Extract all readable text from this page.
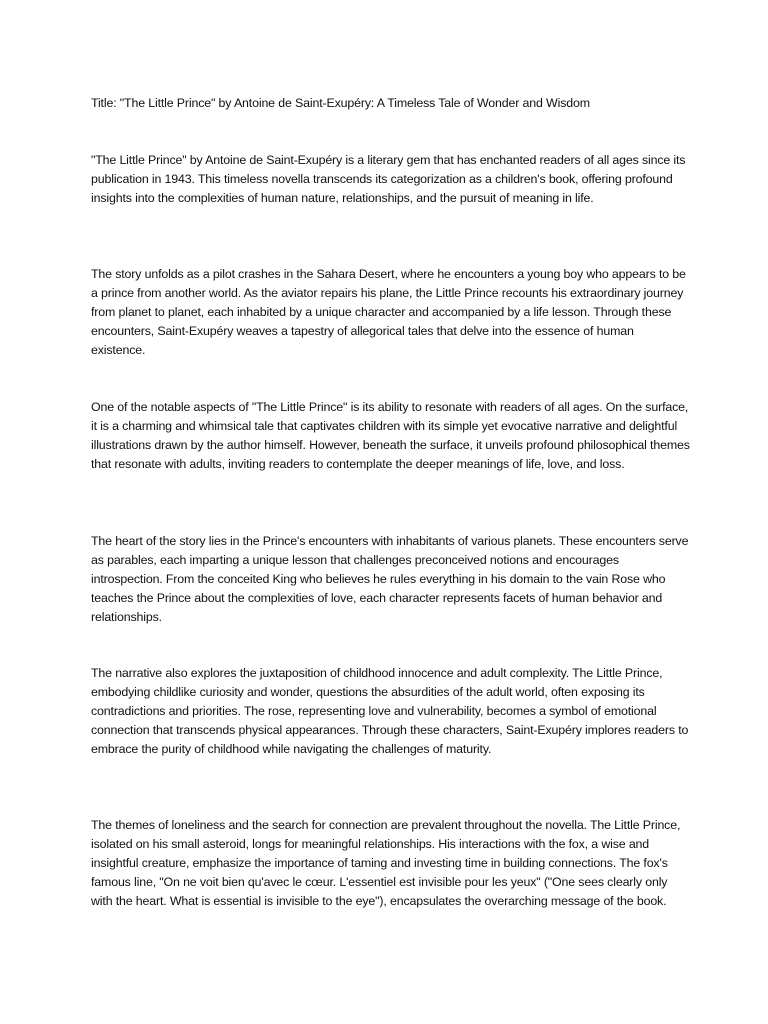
Title: "The Little Prince" by Antoine de Saint-Exupéry: A Timeless Tale of Wonder and Wisdom

"The Little Prince" by Antoine de Saint-Exupéry is a literary gem that has enchanted readers of all ages since its publication in 1943. This timeless novella transcends its categorization as a children's book, offering profound insights into the complexities of human nature, relationships, and the pursuit of meaning in life.

The story unfolds as a pilot crashes in the Sahara Desert, where he encounters a young boy who appears to be a prince from another world. As the aviator repairs his plane, the Little Prince recounts his extraordinary journey from planet to planet, each inhabited by a unique character and accompanied by a life lesson. Through these encounters, Saint-Exupéry weaves a tapestry of allegorical tales that delve into the essence of human existence.

One of the notable aspects of "The Little Prince" is its ability to resonate with readers of all ages. On the surface, it is a charming and whimsical tale that captivates children with its simple yet evocative narrative and delightful illustrations drawn by the author himself. However, beneath the surface, it unveils profound philosophical themes that resonate with adults, inviting readers to contemplate the deeper meanings of life, love, and loss.

The heart of the story lies in the Prince's encounters with inhabitants of various planets. These encounters serve as parables, each imparting a unique lesson that challenges preconceived notions and encourages introspection. From the conceited King who believes he rules everything in his domain to the vain Rose who teaches the Prince about the complexities of love, each character represents facets of human behavior and relationships.

The narrative also explores the juxtaposition of childhood innocence and adult complexity. The Little Prince, embodying childlike curiosity and wonder, questions the absurdities of the adult world, often exposing its contradictions and priorities. The rose, representing love and vulnerability, becomes a symbol of emotional connection that transcends physical appearances. Through these characters, Saint-Exupéry implores readers to embrace the purity of childhood while navigating the challenges of maturity.

The themes of loneliness and the search for connection are prevalent throughout the novella. The Little Prince, isolated on his small asteroid, longs for meaningful relationships. His interactions with the fox, a wise and insightful creature, emphasize the importance of taming and investing time in building connections. The fox's famous line, "On ne voit bien qu'avec le cœur. L'essentiel est invisible pour les yeux" ("One sees clearly only with the heart. What is essential is invisible to the eye"), encapsulates the overarching message of the book.
